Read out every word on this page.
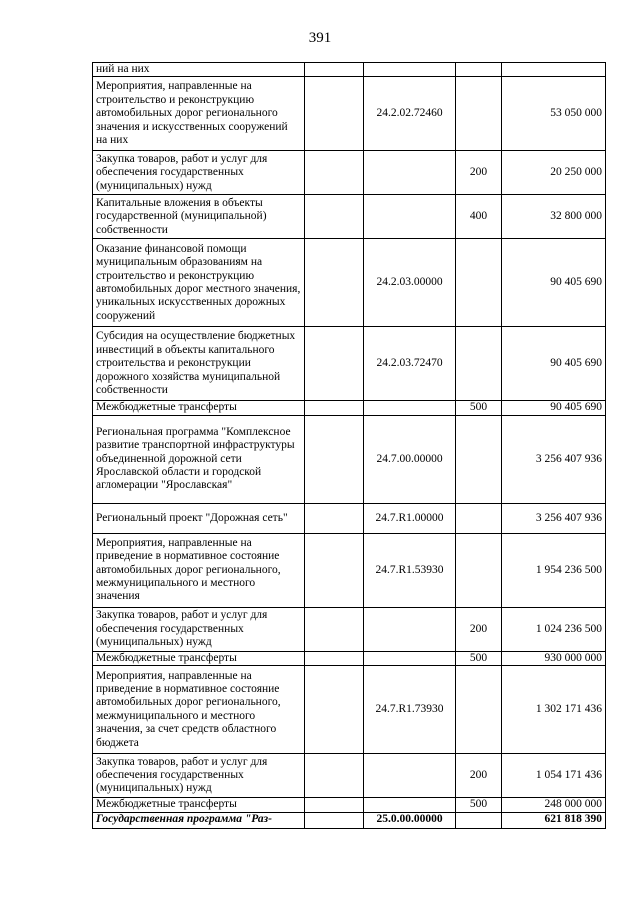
391
ний на них				
Мероприятия, направленные на строительство и реконструкцию автомобильных дорог регионального значения и искусственных сооружений на них		24.2.02.72460		53 050 000
Закупка товаров, работ и услуг для обеспечения государственных (муниципальных) нужд			200	20 250 000
Капитальные вложения в объекты государственной (муниципальной) собственности			400	32 800 000
Оказание финансовой помощи муниципальным образованиям на строительство и реконструкцию автомобильных дорог местного значения, уникальных искусственных дорожных сооружений		24.2.03.00000		90 405 690
Субсидия на осуществление бюджетных инвестиций в объекты капитального строительства и реконструкции дорожного хозяйства муниципальной собственности		24.2.03.72470		90 405 690
Межбюджетные трансферты			500	90 405 690
Региональная программа "Комплексное развитие транспортной инфраструктуры объединенной дорожной сети Ярославской области и городской агломерации "Ярославская"		24.7.00.00000		3 256 407 936
Региональный проект "Дорожная сеть"		24.7.R1.00000		3 256 407 936
Мероприятия, направленные на приведение в нормативное состояние автомобильных дорог регионального, межмуниципального и местного значения		24.7.R1.53930		1 954 236 500
Закупка товаров, работ и услуг для обеспечения государственных (муниципальных) нужд			200	1 024 236 500
Межбюджетные трансферты			500	930 000 000
Мероприятия, направленные на приведение в нормативное состояние автомобильных дорог регионального, межмуниципального и местного значения, за счет средств областного бюджета		24.7.R1.73930		1 302 171 436
Закупка товаров, работ и услуг для обеспечения государственных (муниципальных) нужд			200	1 054 171 436
Межбюджетные трансферты			500	248 000 000
Государственная программа "Раз-		25.0.00.00000		621 818 390
